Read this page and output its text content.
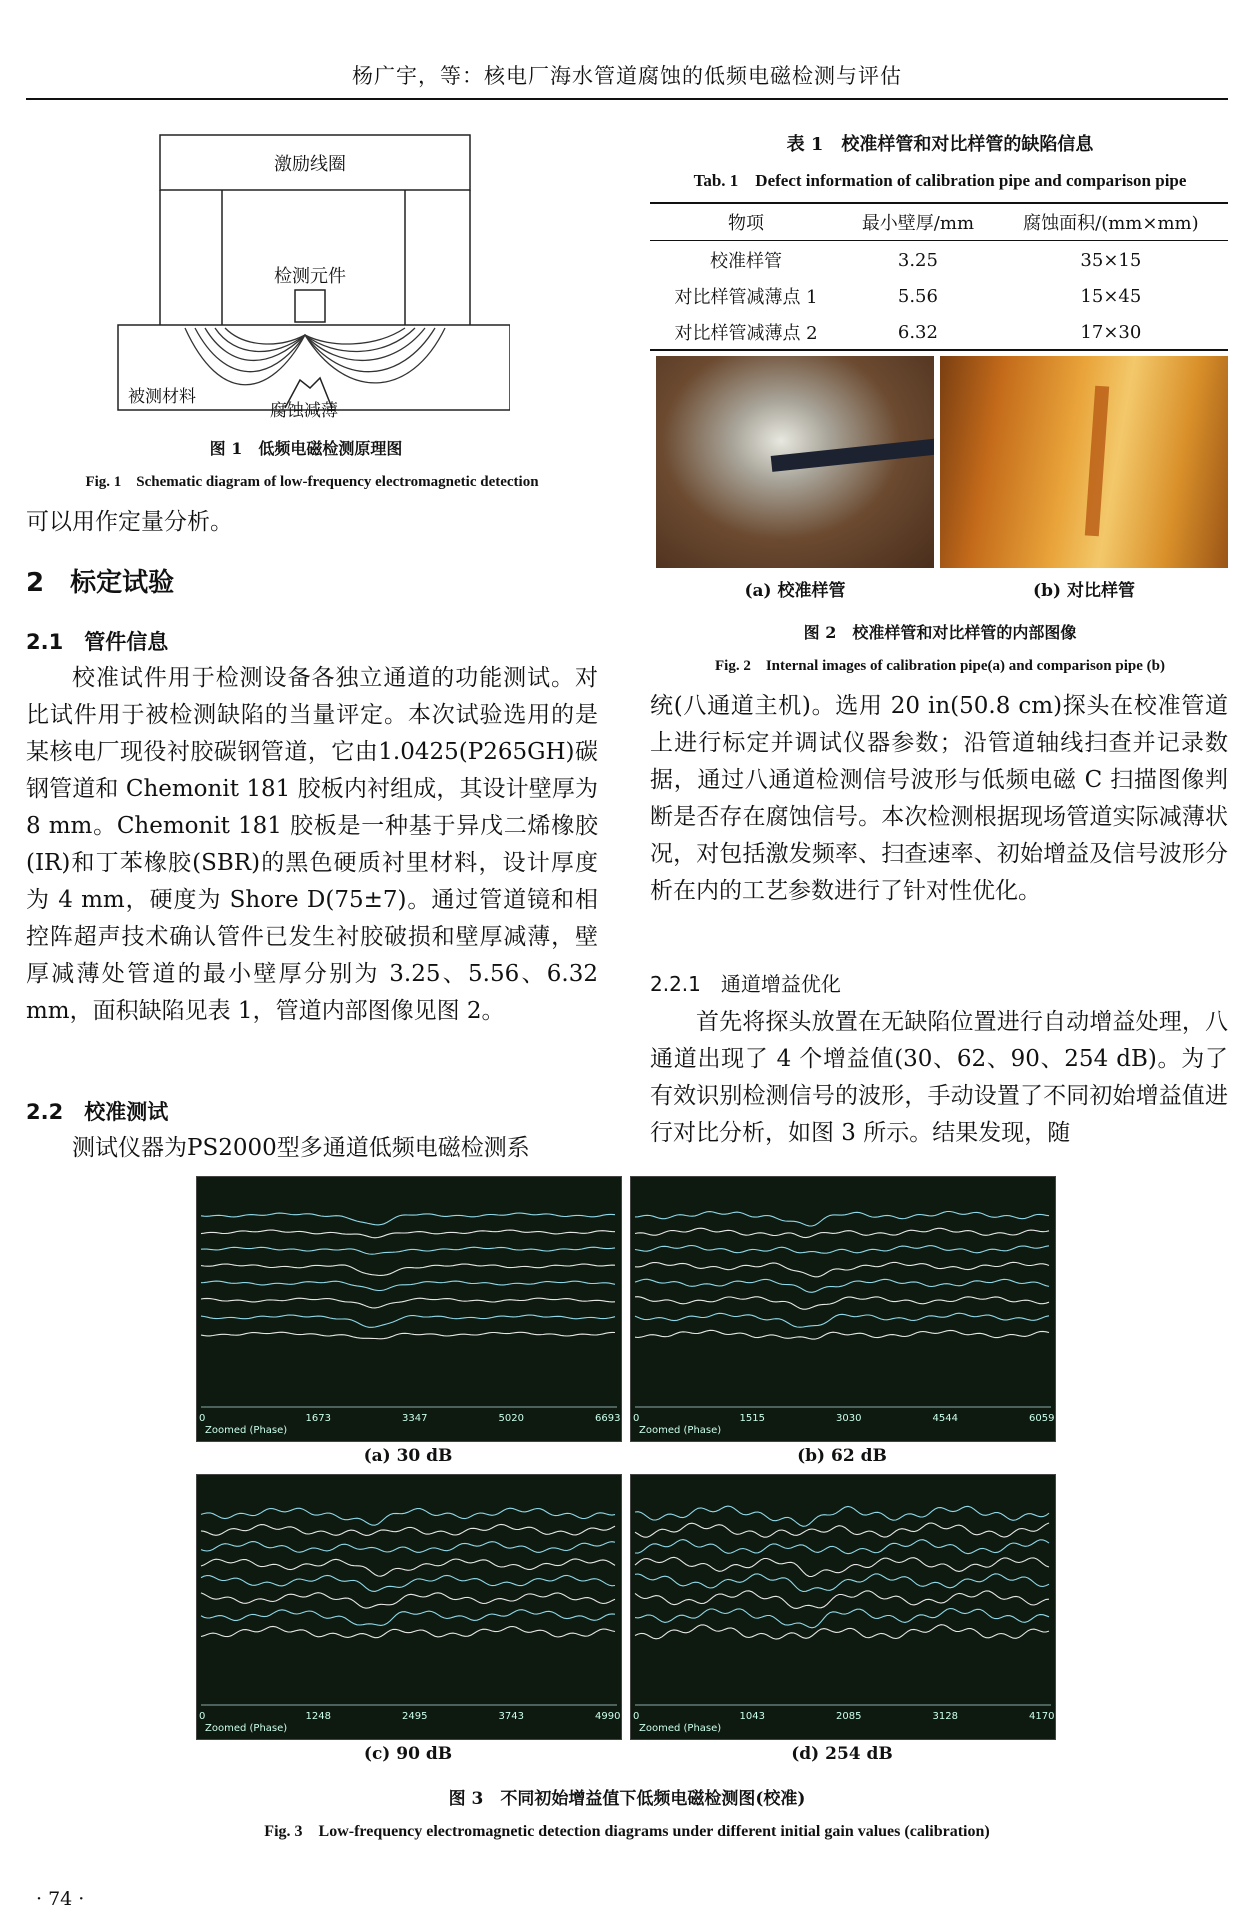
杨广宇，等：核电厂海水管道腐蚀的低频电磁检测与评估
激励线圈
检测元件
被测材料
腐蚀减薄
图 1　低频电磁检测原理图
Fig. 1　Schematic diagram of low-frequency electromagnetic detection
可以用作定量分析。
2　标定试验
2.1　管件信息
校准试件用于检测设备各独立通道的功能测试。对比试件用于被检测缺陷的当量评定。本次试验选用的是某核电厂现役衬胶碳钢管道，它由1.0425(P265GH)碳钢管道和 Chemonit 181 胶板内衬组成，其设计壁厚为 8 mm。Chemonit 181 胶板是一种基于异戊二烯橡胶(IR)和丁苯橡胶(SBR)的黑色硬质衬里材料，设计厚度为 4 mm，硬度为 Shore D(75±7)。通过管道镜和相控阵超声技术确认管件已发生衬胶破损和壁厚减薄，壁厚减薄处管道的最小壁厚分别为 3.25、5.56、6.32 mm，面积缺陷见表 1，管道内部图像见图 2。
2.2　校准测试
测试仪器为PS2000型多通道低频电磁检测系
表 1　校准样管和对比样管的缺陷信息
Tab. 1　Defect information of calibration pipe and comparison pipe
物项	最小壁厚/mm	腐蚀面积/(mm×mm)
校准样管	3.25	35×15
对比样管减薄点 1	5.56	15×45
对比样管减薄点 2	6.32	17×30
(a) 校准样管	(b) 对比样管
图 2　校准样管和对比样管的内部图像
Fig. 2　Internal images of calibration pipe(a) and comparison pipe (b)
统(八通道主机)。选用 20 in(50.8 cm)探头在校准管道上进行标定并调试仪器参数；沿管道轴线扫查并记录数据，通过八通道检测信号波形与低频电磁 C 扫描图像判断是否存在腐蚀信号。本次检测根据现场管道实际减薄状况，对包括激发频率、扫查速率、初始增益及信号波形分析在内的工艺参数进行了针对性优化。
2.2.1　通道增益优化
首先将探头放置在无缺陷位置进行自动增益处理，八通道出现了 4 个增益值(30、62、90、254 dB)。为了有效识别检测信号的波形，手动设置了不同初始增益值进行对比分析，如图 3 所示。结果发现，随
Zoomed (Phase)
0	1673	3347	5020	6693
Zoomed (Phase)
0	1515	3030	4544	6059
Zoomed (Phase)
0	1248	2495	3743	4990
Zoomed (Phase)
0	1043	2085	3128	4170
(a) 30 dB	(b) 62 dB
(c) 90 dB	(d) 254 dB
图 3　不同初始增益值下低频电磁检测图(校准)
Fig. 3　Low-frequency electromagnetic detection diagrams under different initial gain values (calibration)
· 74 ·
